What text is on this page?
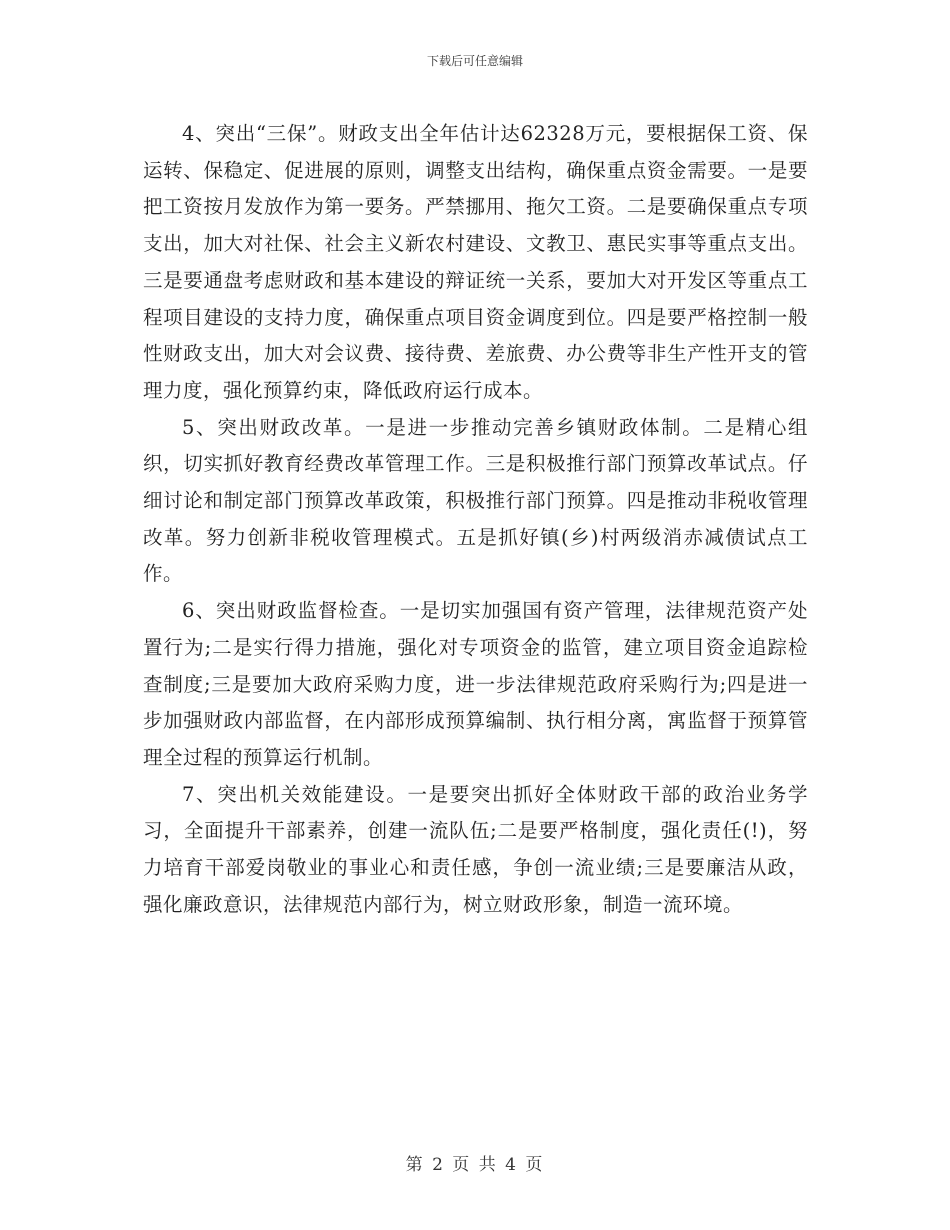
下载后可任意编辑

4、突出“三保”。财政支出全年估计达62328万元，要根据保工资、保运转、保稳定、促进展的原则，调整支出结构，确保重点资金需要。一是要把工资按月发放作为第一要务。严禁挪用、拖欠工资。二是要确保重点专项支出，加大对社保、社会主义新农村建设、文教卫、惠民实事等重点支出。三是要通盘考虑财政和基本建设的辩证统一关系，要加大对开发区等重点工程项目建设的支持力度，确保重点项目资金调度到位。四是要严格控制一般性财政支出，加大对会议费、接待费、差旅费、办公费等非生产性开支的管理力度，强化预算约束，降低政府运行成本。

5、突出财政改革。一是进一步推动完善乡镇财政体制。二是精心组织，切实抓好教育经费改革管理工作。三是积极推行部门预算改革试点。仔细讨论和制定部门预算改革政策，积极推行部门预算。四是推动非税收管理改革。努力创新非税收管理模式。五是抓好镇(乡)村两级消赤减债试点工作。

6、突出财政监督检查。一是切实加强国有资产管理，法律规范资产处置行为;二是实行得力措施，强化对专项资金的监管，建立项目资金追踪检查制度;三是要加大政府采购力度，进一步法律规范政府采购行为;四是进一步加强财政内部监督，在内部形成预算编制、执行相分离，寓监督于预算管理全过程的预算运行机制。

7、突出机关效能建设。一是要突出抓好全体财政干部的政治业务学习，全面提升干部素养，创建一流队伍;二是要严格制度，强化责任(!)，努力培育干部爱岗敬业的事业心和责任感，争创一流业绩;三是要廉洁从政，强化廉政意识，法律规范内部行为，树立财政形象，制造一流环境。

第 2 页 共 4 页
